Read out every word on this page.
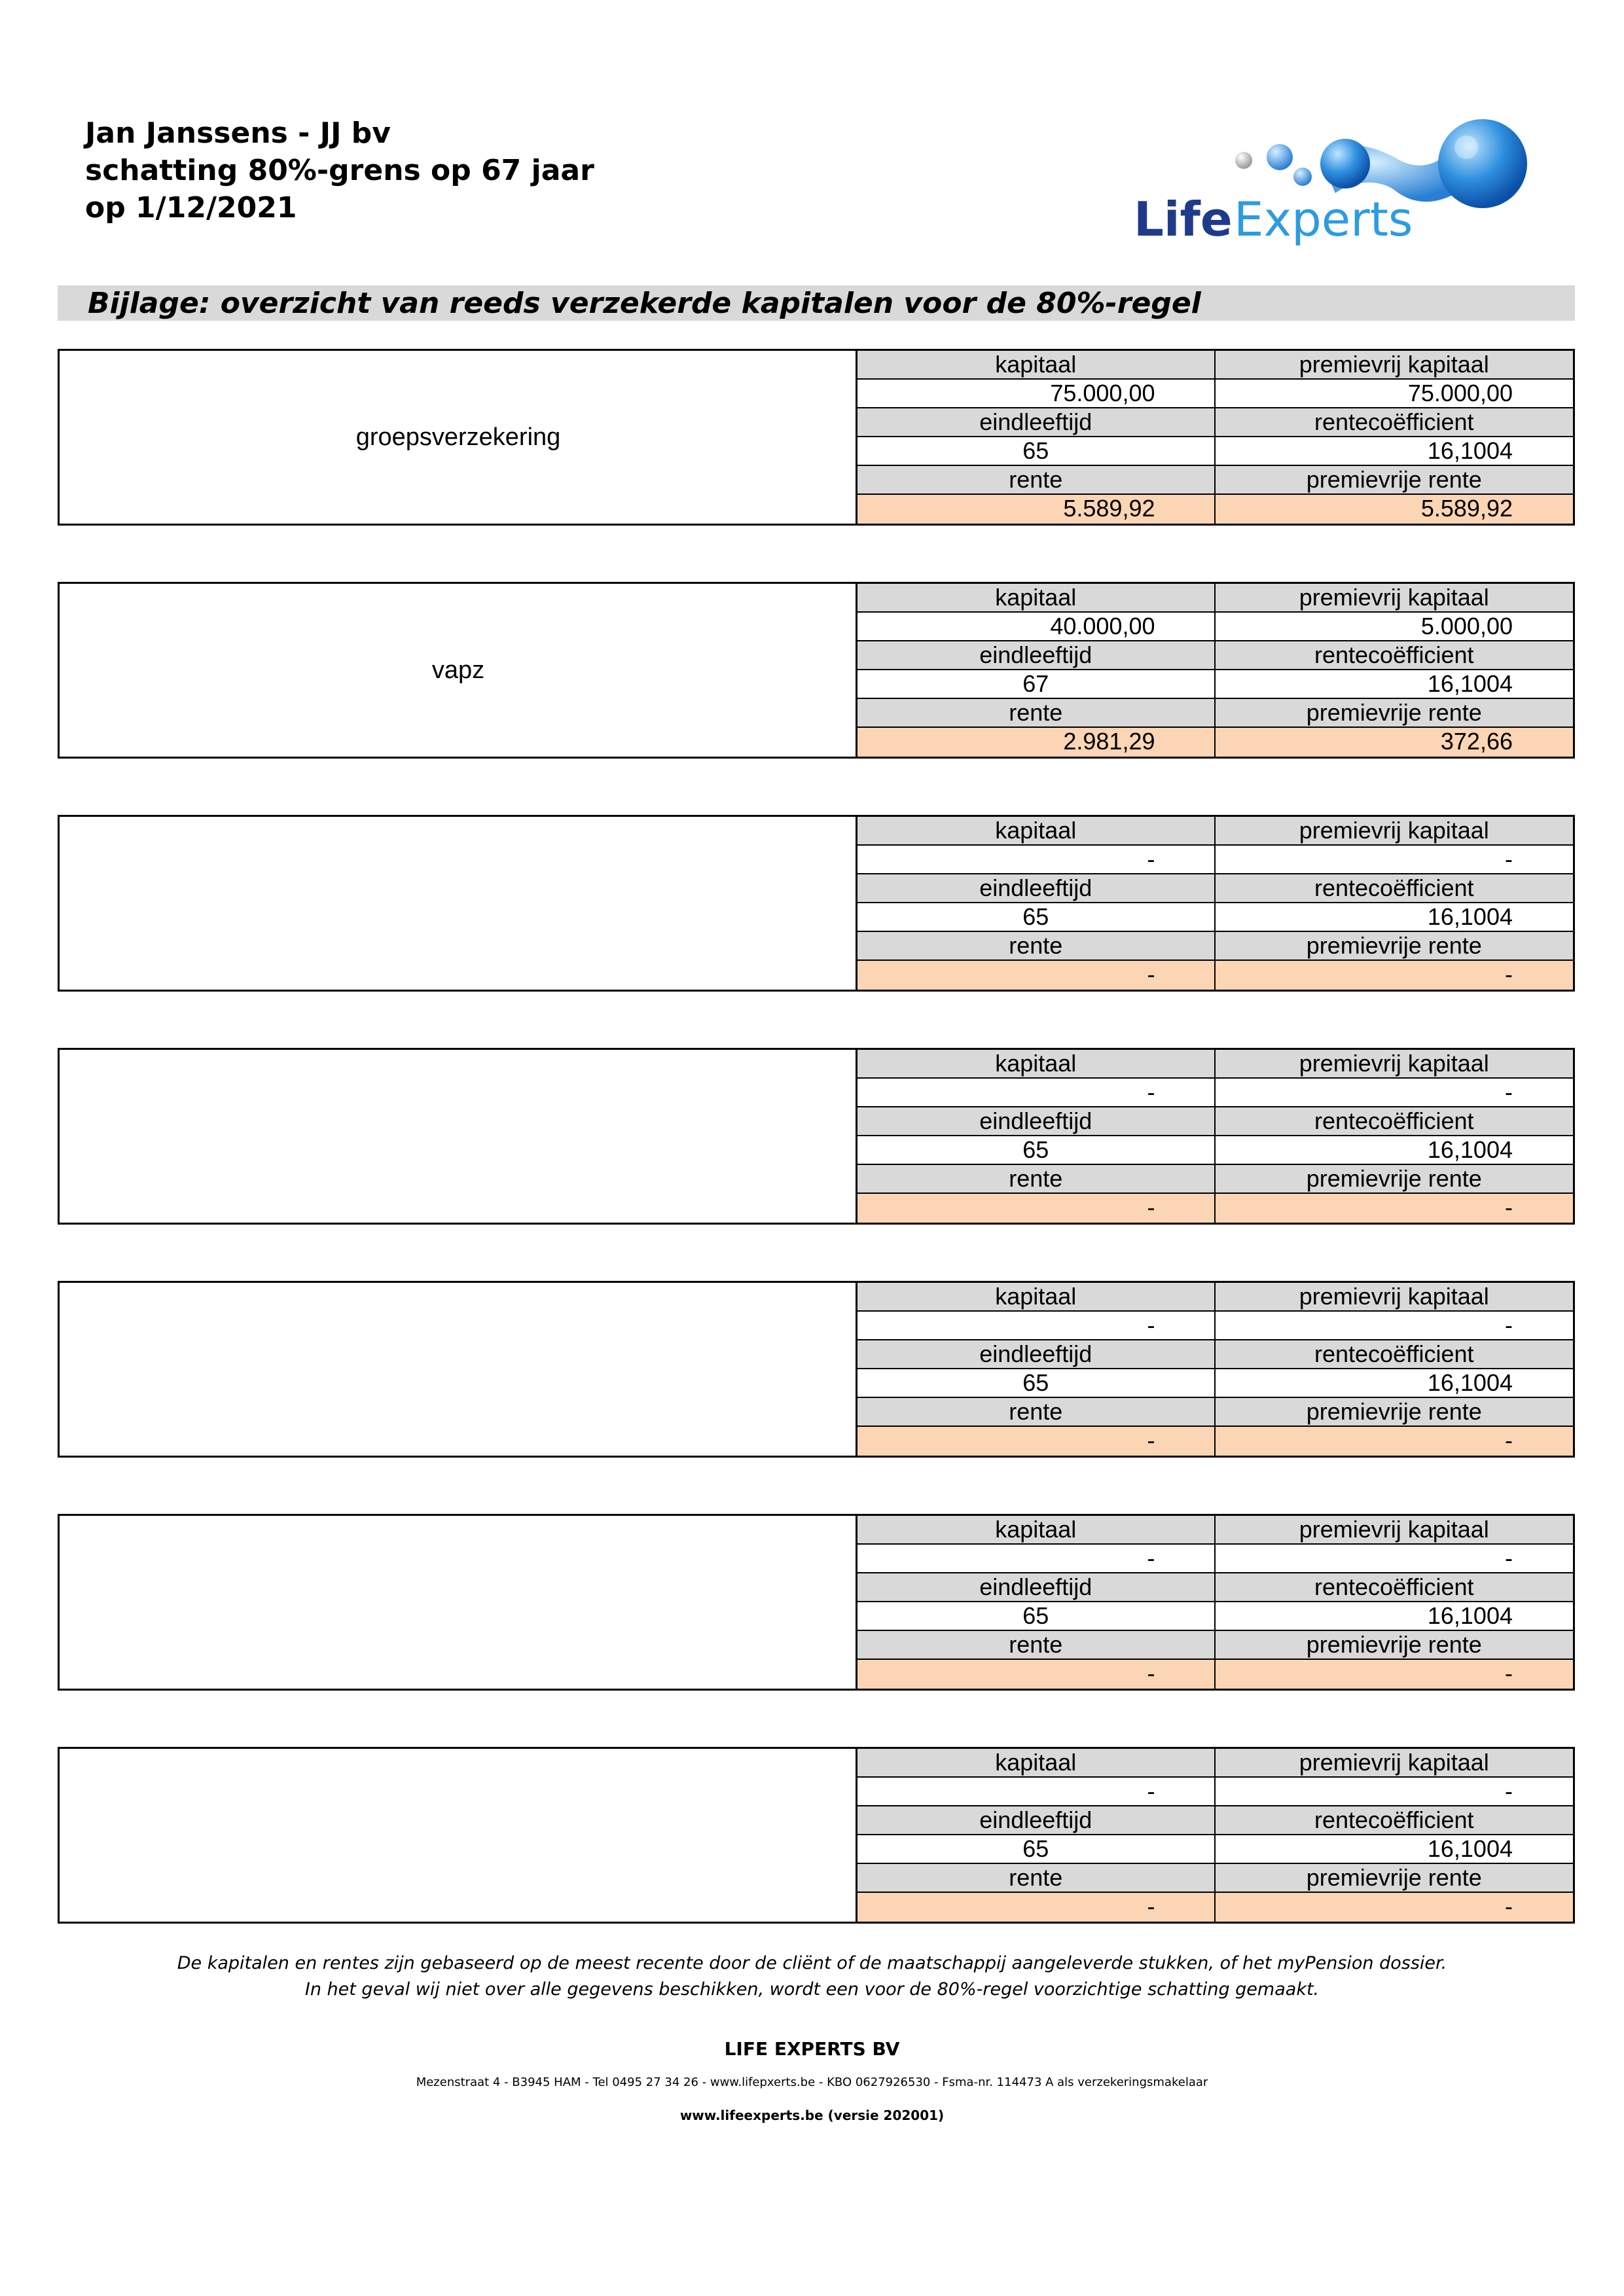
Jan Janssens - JJ bv
schatting 80%-grens op 67 jaar
op 1/12/2021	Life Experts
Bijlage: overzicht van reeds verzekerde kapitalen voor de 80%-regel
groepsverzekering
kapitaal	premievrij kapitaal
75.000,00	75.000,00
eindleeftijd	rentecoëfficient
65	16,1004
rente	premievrije rente
5.589,92	5.589,92
vapz
kapitaal	premievrij kapitaal
40.000,00	5.000,00
eindleeftijd	rentecoëfficient
67	16,1004
rente	premievrije rente
2.981,29	372,66
kapitaal	premievrij kapitaal
-	-
eindleeftijd	rentecoëfficient
65	16,1004
rente	premievrije rente
-	-
kapitaal	premievrij kapitaal
-	-
eindleeftijd	rentecoëfficient
65	16,1004
rente	premievrije rente
-	-
kapitaal	premievrij kapitaal
-	-
eindleeftijd	rentecoëfficient
65	16,1004
rente	premievrije rente
-	-
kapitaal	premievrij kapitaal
-	-
eindleeftijd	rentecoëfficient
65	16,1004
rente	premievrije rente
-	-
kapitaal	premievrij kapitaal
-	-
eindleeftijd	rentecoëfficient
65	16,1004
rente	premievrije rente
-	-
De kapitalen en rentes zijn gebaseerd op de meest recente door de cliënt of de maatschappij aangeleverde stukken, of het myPension dossier.
In het geval wij niet over alle gegevens beschikken, wordt een voor de 80%-regel voorzichtige schatting gemaakt.
LIFE EXPERTS BV
Mezenstraat 4 - B3945 HAM - Tel 0495 27 34 26 - www.lifepxerts.be - KBO 0627926530 - Fsma-nr. 114473 A als verzekeringsmakelaar
www.lifeexperts.be (versie 202001)
